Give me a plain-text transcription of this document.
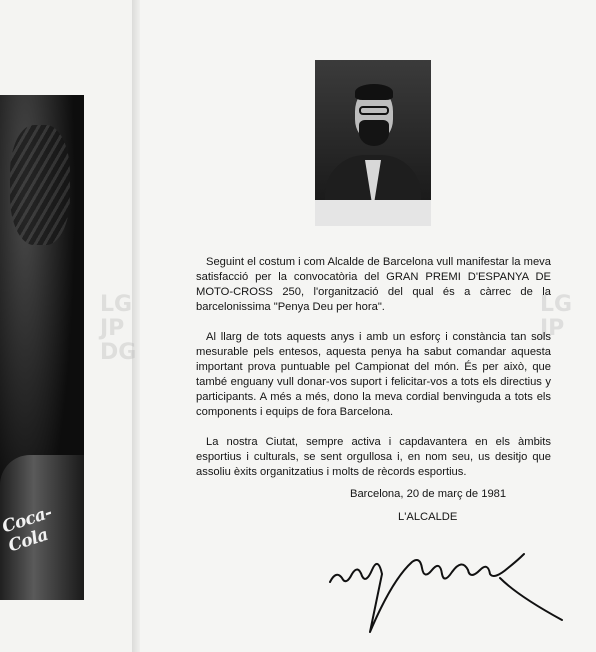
Coca-Cola
LG
JP
DG
LG
JP

Seguint el costum i com Alcalde de Barcelona vull manifestar la meva satisfacció per la convocatòria del GRAN PREMI D'ESPANYA DE MOTO-CROSS 250, l'organització del qual és a càrrec de la barcelonissima "Penya Deu per hora".

Al llarg de tots aquests anys i amb un esforç i constància tan sols mesurable pels entesos, aquesta penya ha sabut comandar aquesta important prova puntuable pel Campionat del món. És per això, que també enguany vull donar-vos suport i felicitar-vos a tots els directius y participants. A més a més, dono la meva cordial benvinguda a tots els components i equips de fora Barcelona.

La nostra Ciutat, sempre activa i capdavantera en els àmbits esportius i culturals, se sent orgullosa i, en nom seu, us desitjo que assoliu èxits organitzatius i molts de rècords esportius.

Barcelona, 20 de març de 1981
L'ALCALDE
